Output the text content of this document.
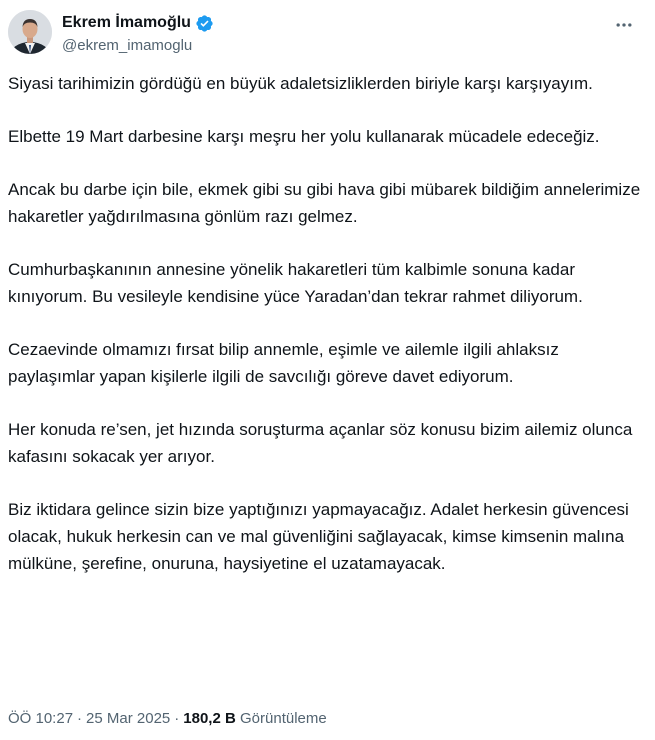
Ekrem İmamoğlu
@ekrem_imamoglu

Siyasi tarihimizin gördüğü en büyük adaletsizliklerden biriyle karşı karşıyayım.

Elbette 19 Mart darbesine karşı meşru her yolu kullanarak mücadele edeceğiz.

Ancak bu darbe için bile, ekmek gibi su gibi hava gibi mübarek bildiğim annelerimize hakaretler yağdırılmasına gönlüm razı gelmez.

Cumhurbaşkanının annesine yönelik hakaretleri tüm kalbimle sonuna kadar kınıyorum. Bu vesileyle kendisine yüce Yaradan’dan tekrar rahmet diliyorum.

Cezaevinde olmamızı fırsat bilip annemle, eşimle ve ailemle ilgili ahlaksız paylaşımlar yapan kişilerle ilgili de savcılığı göreve davet ediyorum.

Her konuda re’sen, jet hızında soruşturma açanlar söz konusu bizim ailemiz olunca kafasını sokacak yer arıyor.

Biz iktidara gelince sizin bize yaptığınızı yapmayacağız. Adalet herkesin güvencesi olacak, hukuk herkesin can ve mal güvenliğini sağlayacak, kimse kimsenin malına mülküne, şerefine, onuruna, haysiyetine el uzatamayacak.

ÖÖ 10:27 · 25 Mar 2025 · 180,2 B Görüntüleme
